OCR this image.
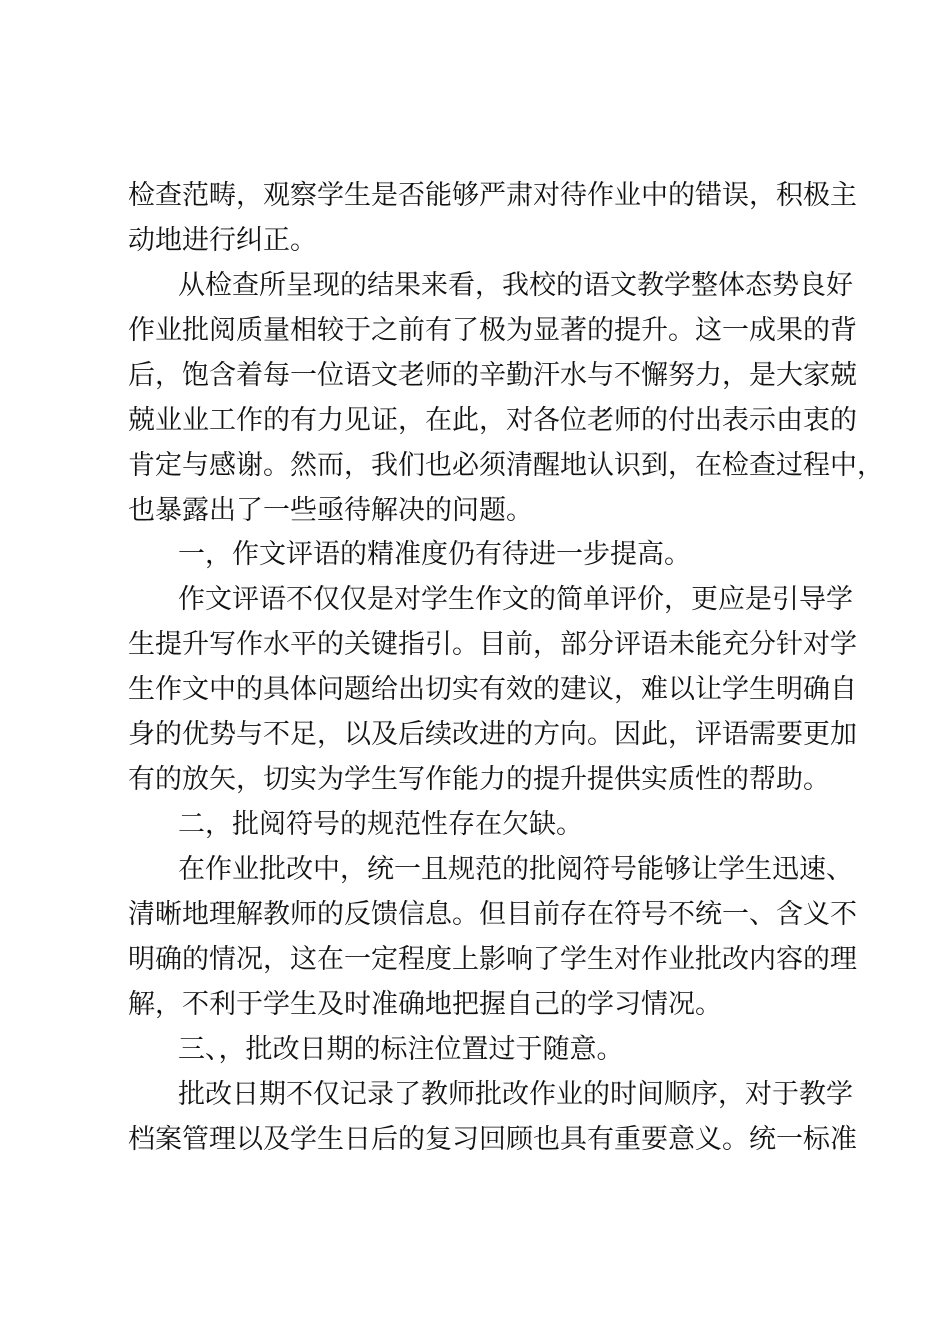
检查范畴，观察学生是否能够严肃对待作业中的错误，积极主
动地进行纠正。
从检查所呈现的结果来看，我校的语文教学整体态势良好
作业批阅质量相较于之前有了极为显著的提升。这一成果的背
后，饱含着每一位语文老师的辛勤汗水与不懈努力，是大家兢
兢业业工作的有力见证，在此，对各位老师的付出表示由衷的
肯定与感谢。然而，我们也必须清醒地认识到，在检查过程中，
也暴露出了一些亟待解决的问题。
一，作文评语的精准度仍有待进一步提高。
作文评语不仅仅是对学生作文的简单评价，更应是引导学
生提升写作水平的关键指引。目前，部分评语未能充分针对学
生作文中的具体问题给出切实有效的建议，难以让学生明确自
身的优势与不足，以及后续改进的方向。因此，评语需要更加
有的放矢，切实为学生写作能力的提升提供实质性的帮助。
二，批阅符号的规范性存在欠缺。
在作业批改中，统一且规范的批阅符号能够让学生迅速、
清晰地理解教师的反馈信息。但目前存在符号不统一、含义不
明确的情况，这在一定程度上影响了学生对作业批改内容的理
解，不利于学生及时准确地把握自己的学习情况。
三、，批改日期的标注位置过于随意。
批改日期不仅记录了教师批改作业的时间顺序，对于教学
档案管理以及学生日后的复习回顾也具有重要意义。统一标准
